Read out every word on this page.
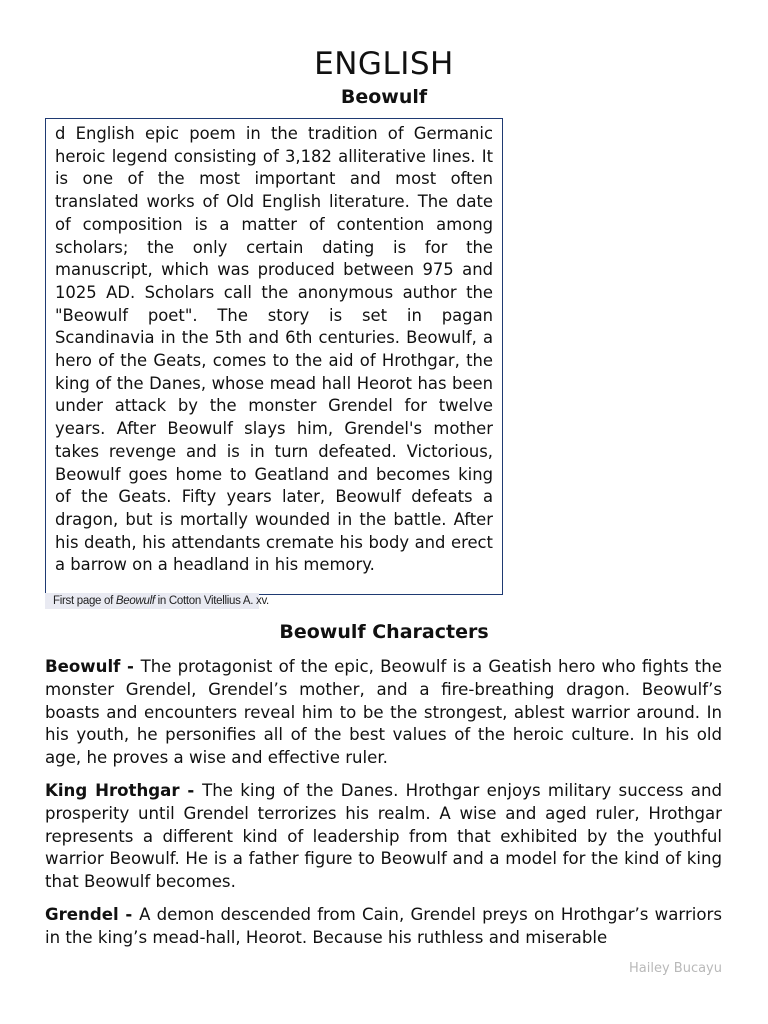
ENGLISH
Beowulf

d English epic poem in the tradition of Germanic heroic legend consisting of 3,182 alliterative lines. It is one of the most important and most often translated works of Old English literature. The date of composition is a matter of contention among scholars; the only certain dating is for the manuscript, which was produced between 975 and 1025 AD. Scholars call the anonymous author the "Beowulf poet". The story is set in pagan Scandinavia in the 5th and 6th centuries. Beowulf, a hero of the Geats, comes to the aid of Hrothgar, the king of the Danes, whose mead hall Heorot has been under attack by the monster Grendel for twelve years. After Beowulf slays him, Grendel's mother takes revenge and is in turn defeated. Victorious, Beowulf goes home to Geatland and becomes king of the Geats. Fifty years later, Beowulf defeats a dragon, but is mortally wounded in the battle. After his death, his attendants cremate his body and erect a barrow on a headland in his memory.

First page of Beowulf in Cotton Vitellius A. xv.
Beowulf Characters

Beowulf - The protagonist of the epic, Beowulf is a Geatish hero who fights the monster Grendel, Grendel’s mother, and a fire-breathing dragon. Beowulf’s boasts and encounters reveal him to be the strongest, ablest warrior around. In his youth, he personifies all of the best values of the heroic culture. In his old age, he proves a wise and effective ruler.

King Hrothgar - The king of the Danes. Hrothgar enjoys military success and prosperity until Grendel terrorizes his realm. A wise and aged ruler, Hrothgar represents a different kind of leadership from that exhibited by the youthful warrior Beowulf. He is a father figure to Beowulf and a model for the kind of king that Beowulf becomes.

Grendel - A demon descended from Cain, Grendel preys on Hrothgar’s warriors in the king’s mead-hall, Heorot. Because his ruthless and miserable

Hailey Bucayu
